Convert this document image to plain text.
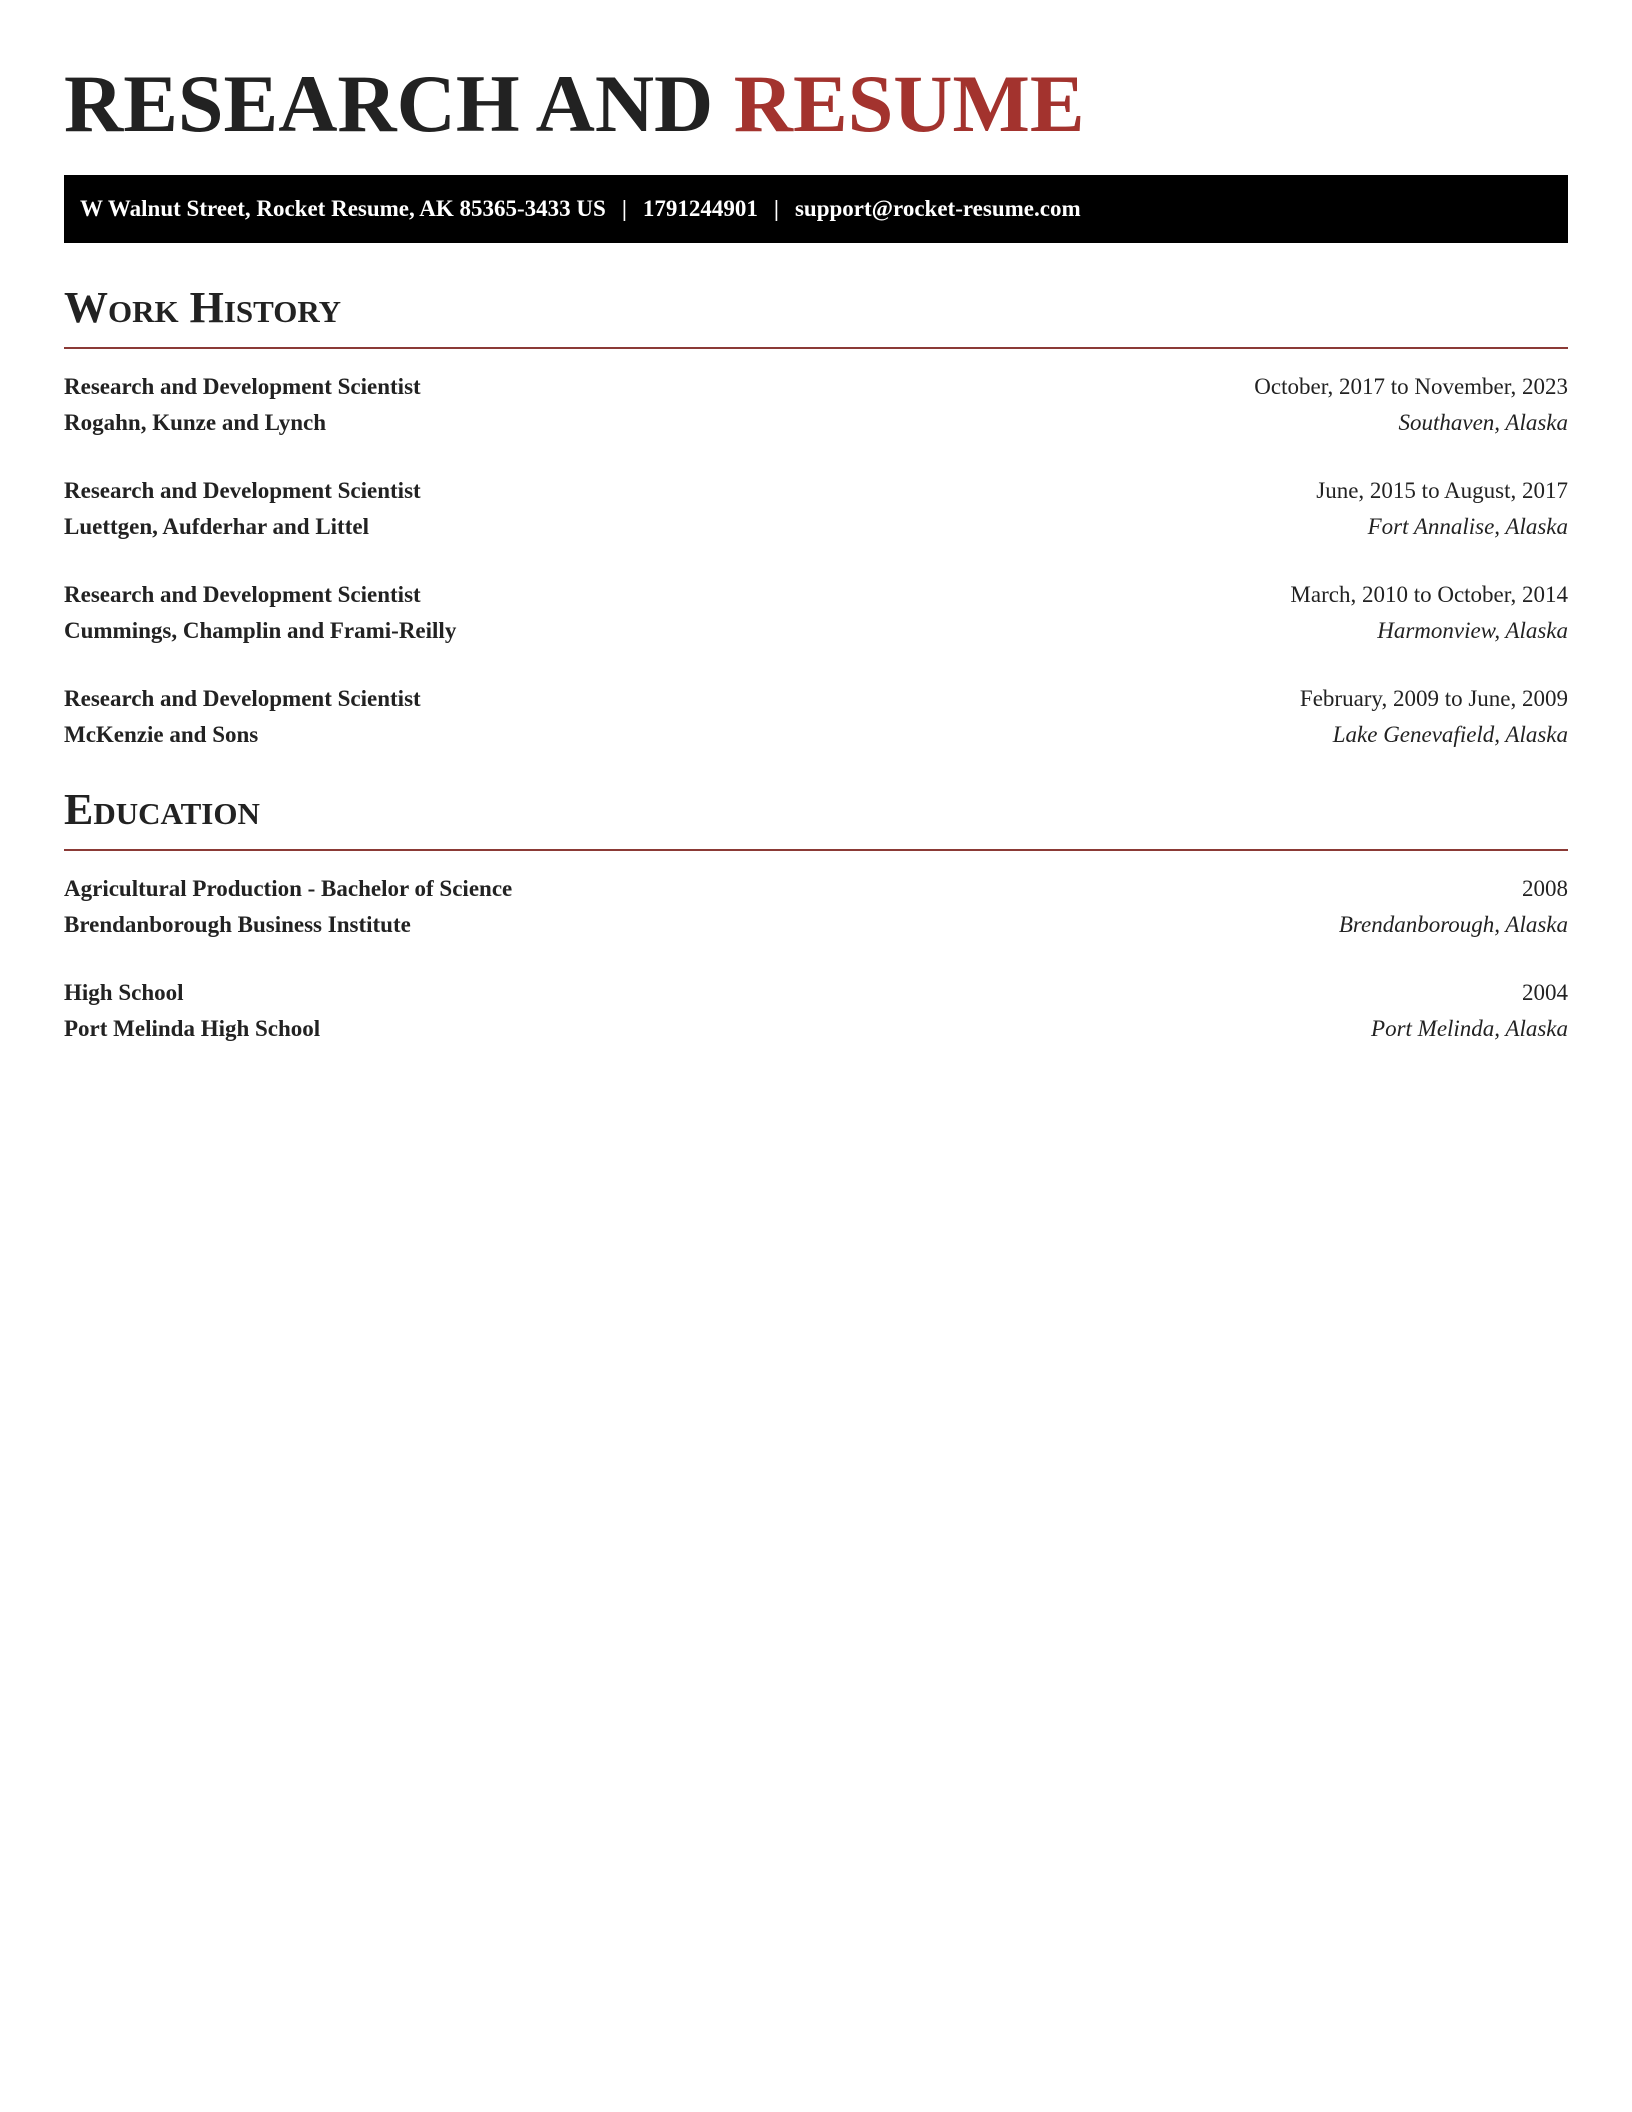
RESEARCH AND RESUME
W Walnut Street, Rocket Resume, AK 85365-3433 US | 1791244901 | support@rocket-resume.com
Work History
Research and Development Scientist	October, 2017 to November, 2023
Rogahn, Kunze and Lynch	Southaven, Alaska
Research and Development Scientist	June, 2015 to August, 2017
Luettgen, Aufderhar and Littel	Fort Annalise, Alaska
Research and Development Scientist	March, 2010 to October, 2014
Cummings, Champlin and Frami-Reilly	Harmonview, Alaska
Research and Development Scientist	February, 2009 to June, 2009
McKenzie and Sons	Lake Genevafield, Alaska
Education
Agricultural Production - Bachelor of Science	2008
Brendanborough Business Institute	Brendanborough, Alaska
High School	2004
Port Melinda High School	Port Melinda, Alaska
